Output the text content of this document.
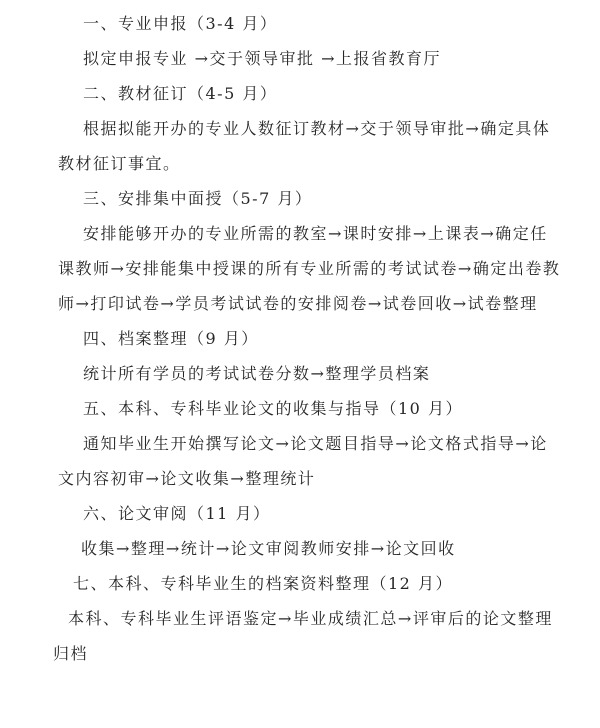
一、专业申报（3-4 月）
拟定申报专业 →交于领导审批 →上报省教育厅
二、教材征订（4-5 月）
根据拟能开办的专业人数征订教材→交于领导审批→确定具体
教材征订事宜。
三、安排集中面授（5-7 月）
安排能够开办的专业所需的教室→课时安排→上课表→确定任
课教师→安排能集中授课的所有专业所需的考试试卷→确定出卷教
师→打印试卷→学员考试试卷的安排阅卷→试卷回收→试卷整理
四、档案整理（9 月）
统计所有学员的考试试卷分数→整理学员档案
五、本科、专科毕业论文的收集与指导（10 月）
通知毕业生开始撰写论文→论文题目指导→论文格式指导→论
文内容初审→论文收集→整理统计
六、论文审阅（11 月）
收集→整理→统计→论文审阅教师安排→论文回收
七、本科、专科毕业生的档案资料整理（12 月）
本科、专科毕业生评语鉴定→毕业成绩汇总→评审后的论文整理
归档
